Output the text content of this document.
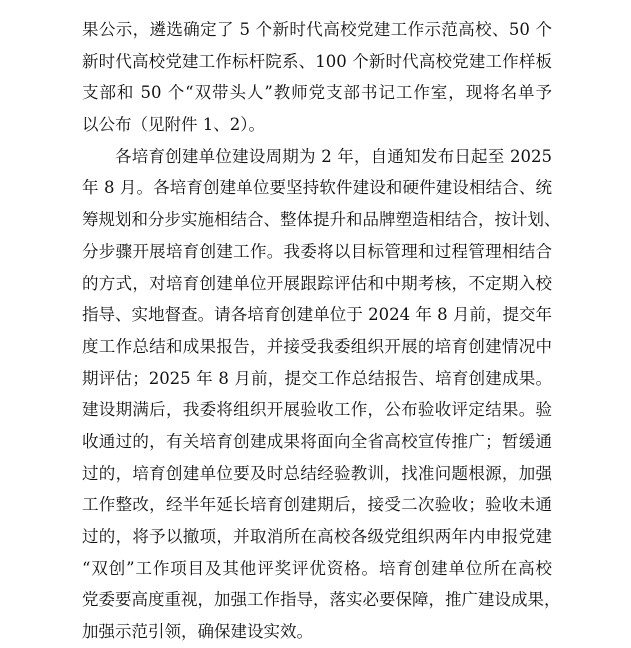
果公示，遴选确定了 5 个新时代高校党建工作示范高校、50 个
新时代高校党建工作标杆院系、100 个新时代高校党建工作样板
支部和 50 个“双带头人”教师党支部书记工作室，现将名单予
以公布（见附件 1、2）。
各培育创建单位建设周期为 2 年，自通知发布日起至 2025
年 8 月。各培育创建单位要坚持软件建设和硬件建设相结合、统
筹规划和分步实施相结合、整体提升和品牌塑造相结合，按计划、
分步骤开展培育创建工作。我委将以目标管理和过程管理相结合
的方式，对培育创建单位开展跟踪评估和中期考核，不定期入校
指导、实地督查。请各培育创建单位于 2024 年 8 月前，提交年
度工作总结和成果报告，并接受我委组织开展的培育创建情况中
期评估；2025 年 8 月前，提交工作总结报告、培育创建成果。
建设期满后，我委将组织开展验收工作，公布验收评定结果。验
收通过的，有关培育创建成果将面向全省高校宣传推广；暂缓通
过的，培育创建单位要及时总结经验教训，找准问题根源，加强
工作整改，经半年延长培育创建期后，接受二次验收；验收未通
过的，将予以撤项，并取消所在高校各级党组织两年内申报党建
“双创”工作项目及其他评奖评优资格。培育创建单位所在高校
党委要高度重视，加强工作指导，落实必要保障，推广建设成果，
加强示范引领，确保建设实效。
